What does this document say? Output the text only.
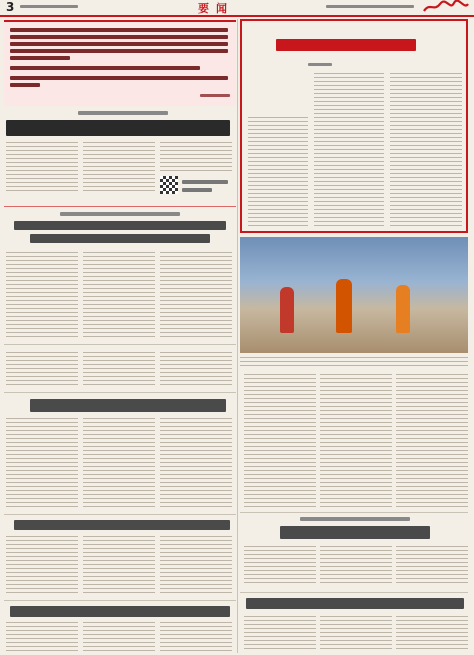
3	要闻
